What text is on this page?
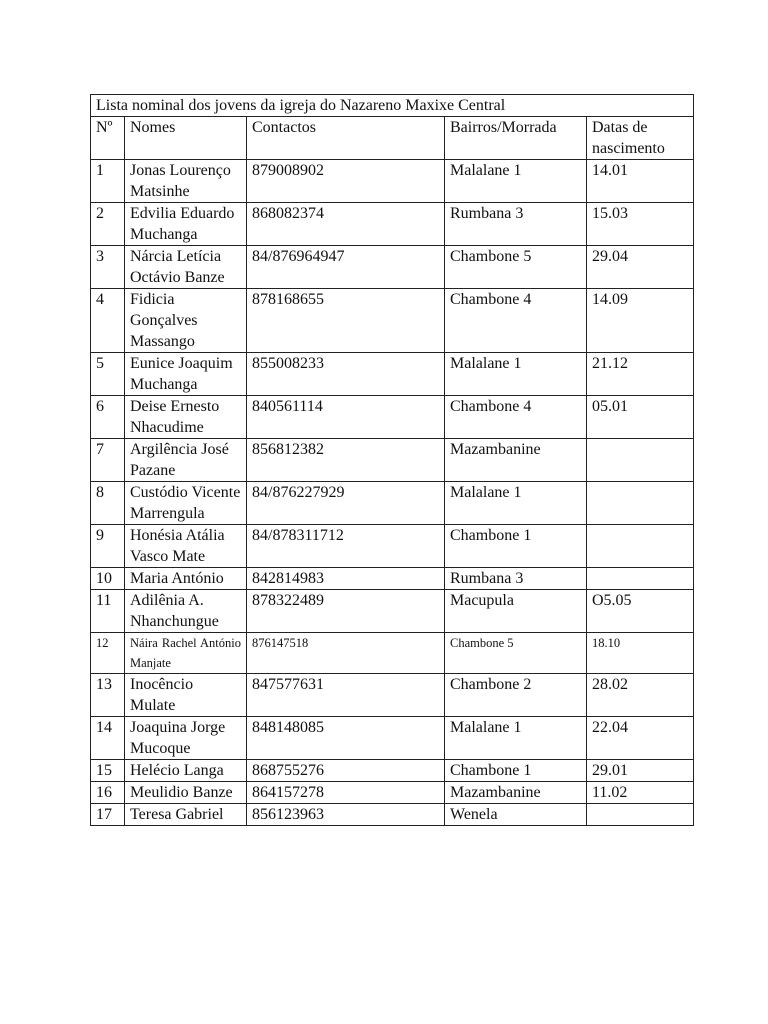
Lista nominal dos jovens da igreja do Nazareno Maxixe Central				
Nº	Nomes	Contactos	Bairros/Morrada	Datas de nascimento
1	Jonas Lourenço Matsinhe	879008902	Malalane 1	14.01
2	Edvilia Eduardo Muchanga	868082374	Rumbana 3	15.03
3	Nárcia Letícia Octávio Banze	84/876964947	Chambone 5	29.04
4	Fidicia Gonçalves Massango	878168655	Chambone 4	14.09
5	Eunice Joaquim Muchanga	855008233	Malalane 1	21.12
6	Deise Ernesto Nhacudime	840561114	Chambone 4	05.01
7	Argilência José Pazane	856812382	Mazambanine	
8	Custódio Vicente Marrengula	84/876227929	Malalane 1	
9	Honésia Atália Vasco Mate	84/878311712	Chambone 1	
10	Maria António	842814983	Rumbana 3	
11	Adilênia A. Nhanchungue	878322489	Macupula	O5.05
12	Náira Rachel António Manjate	876147518	Chambone 5	18.10
13	Inocêncio Mulate	847577631	Chambone 2	28.02
14	Joaquina Jorge Mucoque	848148085	Malalane 1	22.04
15	Helécio Langa	868755276	Chambone 1	29.01
16	Meulidio Banze	864157278	Mazambanine	11.02
17	Teresa Gabriel	856123963	Wenela	
